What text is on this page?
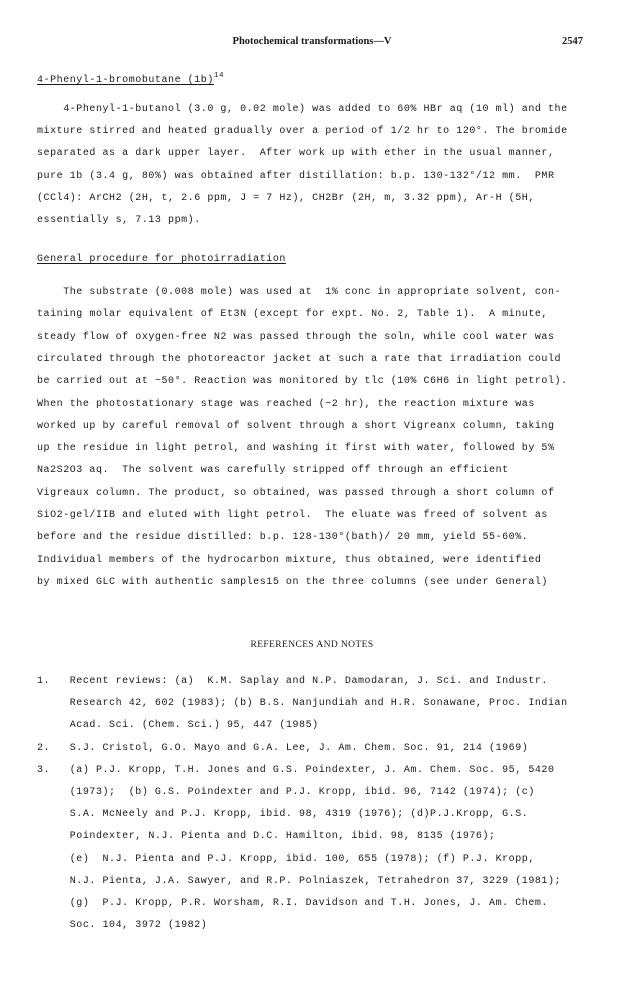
Photochemical transformations—V	2547
4-Phenyl-1-bromobutane $(1b)^{14}$
4-Phenyl-1-butanol (3.0 g, 0.02 mole) was added to 60% HBr aq (10 ml) and the
mixture stirred and heated gradually over a period of 1/2 hr to 120°. The bromide
separated as a dark upper layer.  After work up with ether in the usual manner,
pure 1b (3.4 g, 80%) was obtained after distillation: b.p. 130-132°/12 mm.  PMR
(CCl4): ArCH2 (2H, t, 2.6 ppm, J = 7 Hz), CH2Br (2H, m, 3.32 ppm), Ar-H (5H,
essentially s, 7.13 ppm).
General procedure for photoirradiation
The substrate (0.008 mole) was used at  1% conc in appropriate solvent, con-
taining molar equivalent of Et3N (except for expt. No. 2, Table 1).  A minute,
steady flow of oxygen-free N2 was passed through the soln, while cool water was
circulated through the photoreactor jacket at such a rate that irradiation could
be carried out at ~50°. Reaction was monitored by tlc (10% C6H6 in light petrol).
When the photostationary stage was reached (~2 hr), the reaction mixture was
worked up by careful removal of solvent through a short Vigreanx column, taking
up the residue in light petrol, and washing it first with water, followed by 5%
Na2S2O3 aq.  The solvent was carefully stripped off through an efficient
Vigreaux column. The product, so obtained, was passed through a short column of
SiO2-gel/IIB and eluted with light petrol.  The eluate was freed of solvent as
before and the residue distilled: b.p. 128-130°(bath)/ 20 mm, yield 55-60%.
Individual members of the hydrocarbon mixture, thus obtained, were identified
by mixed GLC with authentic samples15 on the three columns (see under General)
REFERENCES AND NOTES
1.   Recent reviews: (a)  K.M. Saplay and N.P. Damodaran, J. Sci. and Industr.
Research 42, 602 (1983); (b) B.S. Nanjundiah and H.R. Sonawane, Proc. Indian
Acad. Sci. (Chem. Sci.) 95, 447 (1985)
2.   S.J. Cristol, G.O. Mayo and G.A. Lee, J. Am. Chem. Soc. 91, 214 (1969)
3.   (a) P.J. Kropp, T.H. Jones and G.S. Poindexter, J. Am. Chem. Soc. 95, 5420
(1973);  (b) G.S. Poindexter and P.J. Kropp, ibid. 96, 7142 (1974); (c)
S.A. McNeely and P.J. Kropp, ibid. 98, 4319 (1976); (d)P.J.Kropp, G.S.
Poindexter, N.J. Pienta and D.C. Hamilton, ibid. 98, 8135 (1976);
(e)  N.J. Pienta and P.J. Kropp, ibid. 100, 655 (1978); (f) P.J. Kropp,
N.J. Pienta, J.A. Sawyer, and R.P. Polniaszek, Tetrahedron 37, 3229 (1981);
(g)  P.J. Kropp, P.R. Worsham, R.I. Davidson and T.H. Jones, J. Am. Chem.
Soc. 104, 3972 (1982)
